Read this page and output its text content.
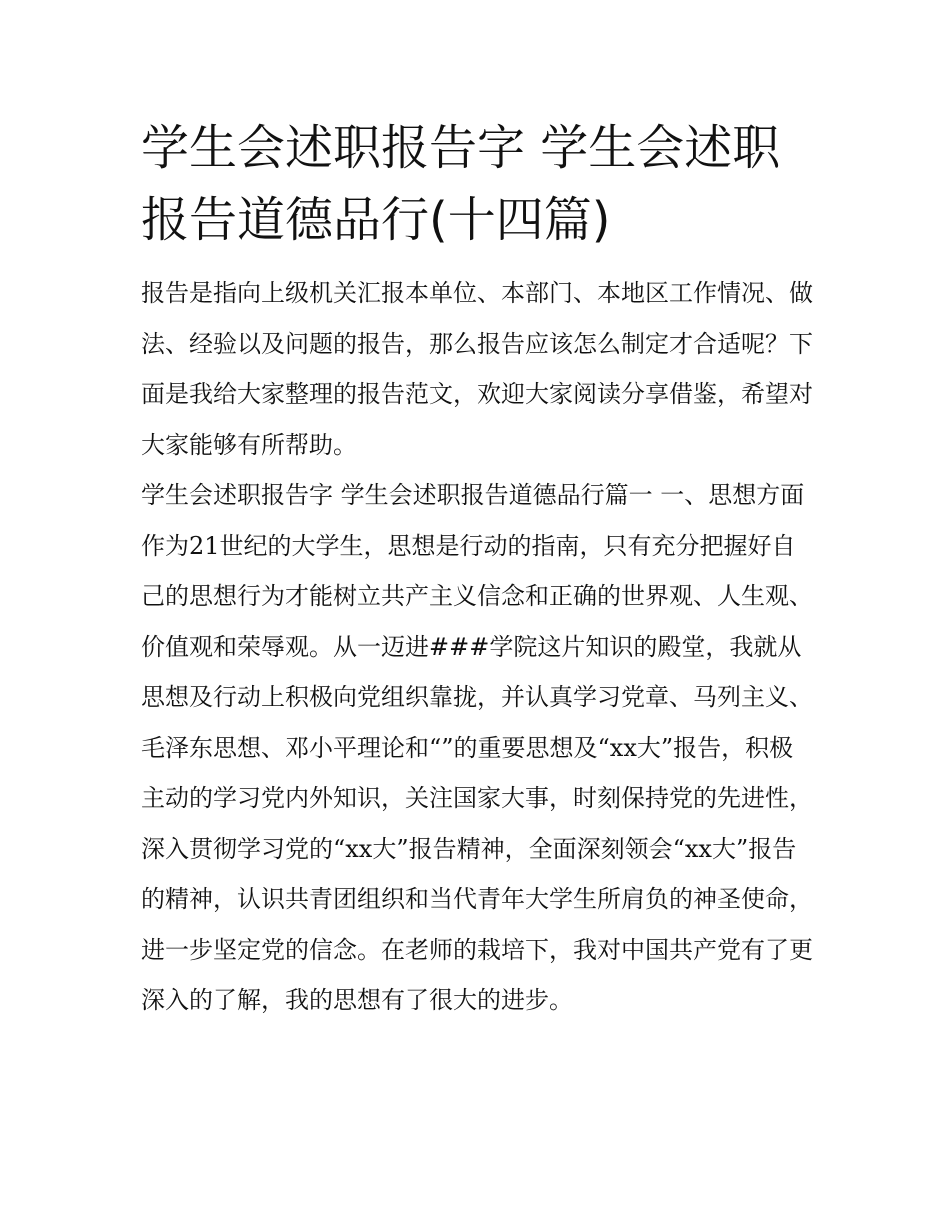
学生会述职报告字 学生会述职报告道德品行(十四篇)

报告是指向上级机关汇报本单位、本部门、本地区工作情况、做法、经验以及问题的报告，那么报告应该怎么制定才合适呢？下面是我给大家整理的报告范文，欢迎大家阅读分享借鉴，希望对大家能够有所帮助。

学生会述职报告字 学生会述职报告道德品行篇一 一、思想方面

作为21世纪的大学生，思想是行动的指南，只有充分把握好自己的思想行为才能树立共产主义信念和正确的世界观、人生观、价值观和荣辱观。从一迈进###学院这片知识的殿堂，我就从思想及行动上积极向党组织靠拢，并认真学习党章、马列主义、毛泽东思想、邓小平理论和“”的重要思想及“xx大”报告，积极主动的学习党内外知识，关注国家大事，时刻保持党的先进性，深入贯彻学习党的“xx大”报告精神，全面深刻领会“xx大”报告的精神，认识共青团组织和当代青年大学生所肩负的神圣使命，进一步坚定党的信念。在老师的栽培下，我对中国共产党有了更深入的了解，我的思想有了很大的进步。
